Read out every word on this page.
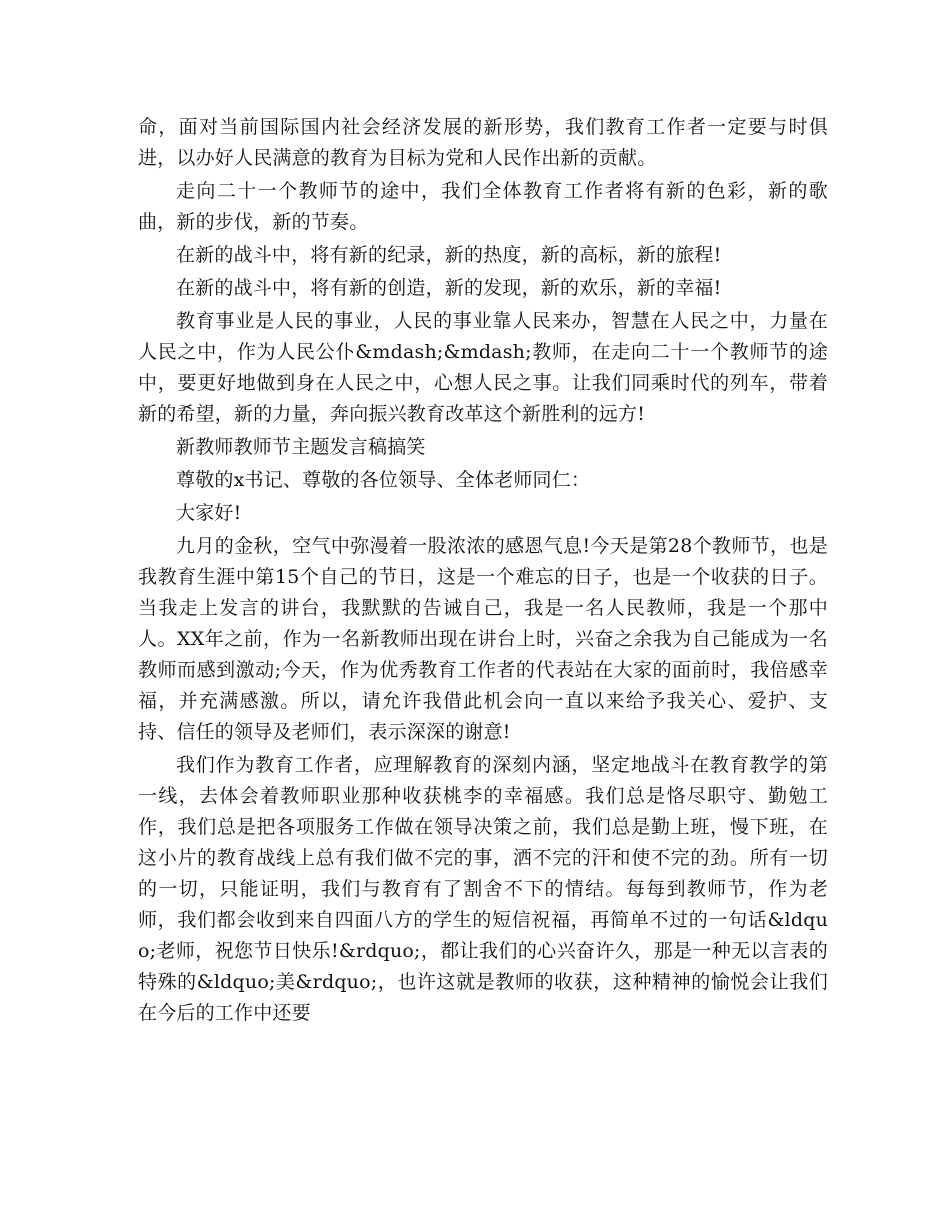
命，面对当前国际国内社会经济发展的新形势，我们教育工作者一定要与时俱进，以办好人民满意的教育为目标为党和人民作出新的贡献。

走向二十一个教师节的途中，我们全体教育工作者将有新的色彩，新的歌曲，新的步伐，新的节奏。

在新的战斗中，将有新的纪录，新的热度，新的高标，新的旅程!

在新的战斗中，将有新的创造，新的发现，新的欢乐，新的幸福!

教育事业是人民的事业，人民的事业靠人民来办，智慧在人民之中，力量在人民之中，作为人民公仆&mdash;&mdash;教师，在走向二十一个教师节的途中，要更好地做到身在人民之中，心想人民之事。让我们同乘时代的列车，带着新的希望，新的力量，奔向振兴教育改革这个新胜利的远方!

新教师教师节主题发言稿搞笑

尊敬的x书记、尊敬的各位领导、全体老师同仁：

大家好!

九月的金秋，空气中弥漫着一股浓浓的感恩气息!今天是第28个教师节，也是我教育生涯中第15个自己的节日，这是一个难忘的日子，也是一个收获的日子。当我走上发言的讲台，我默默的告诫自己，我是一名人民教师，我是一个那中人。XX年之前，作为一名新教师出现在讲台上时，兴奋之余我为自己能成为一名教师而感到激动;今天，作为优秀教育工作者的代表站在大家的面前时，我倍感幸福，并充满感激。所以，请允许我借此机会向一直以来给予我关心、爱护、支持、信任的领导及老师们，表示深深的谢意!

我们作为教育工作者，应理解教育的深刻内涵，坚定地战斗在教育教学的第一线，去体会着教师职业那种收获桃李的幸福感。我们总是恪尽职守、勤勉工作，我们总是把各项服务工作做在领导决策之前，我们总是勤上班，慢下班，在这小片的教育战线上总有我们做不完的事，洒不完的汗和使不完的劲。所有一切的一切，只能证明，我们与教育有了割舍不下的情结。每每到教师节，作为老师，我们都会收到来自四面八方的学生的短信祝福，再简单不过的一句话&ldquo;老师，祝您节日快乐!&rdquo;，都让我们的心兴奋许久，那是一种无以言表的特殊的&ldquo;美&rdquo;，也许这就是教师的收获，这种精神的愉悦会让我们在今后的工作中还要
